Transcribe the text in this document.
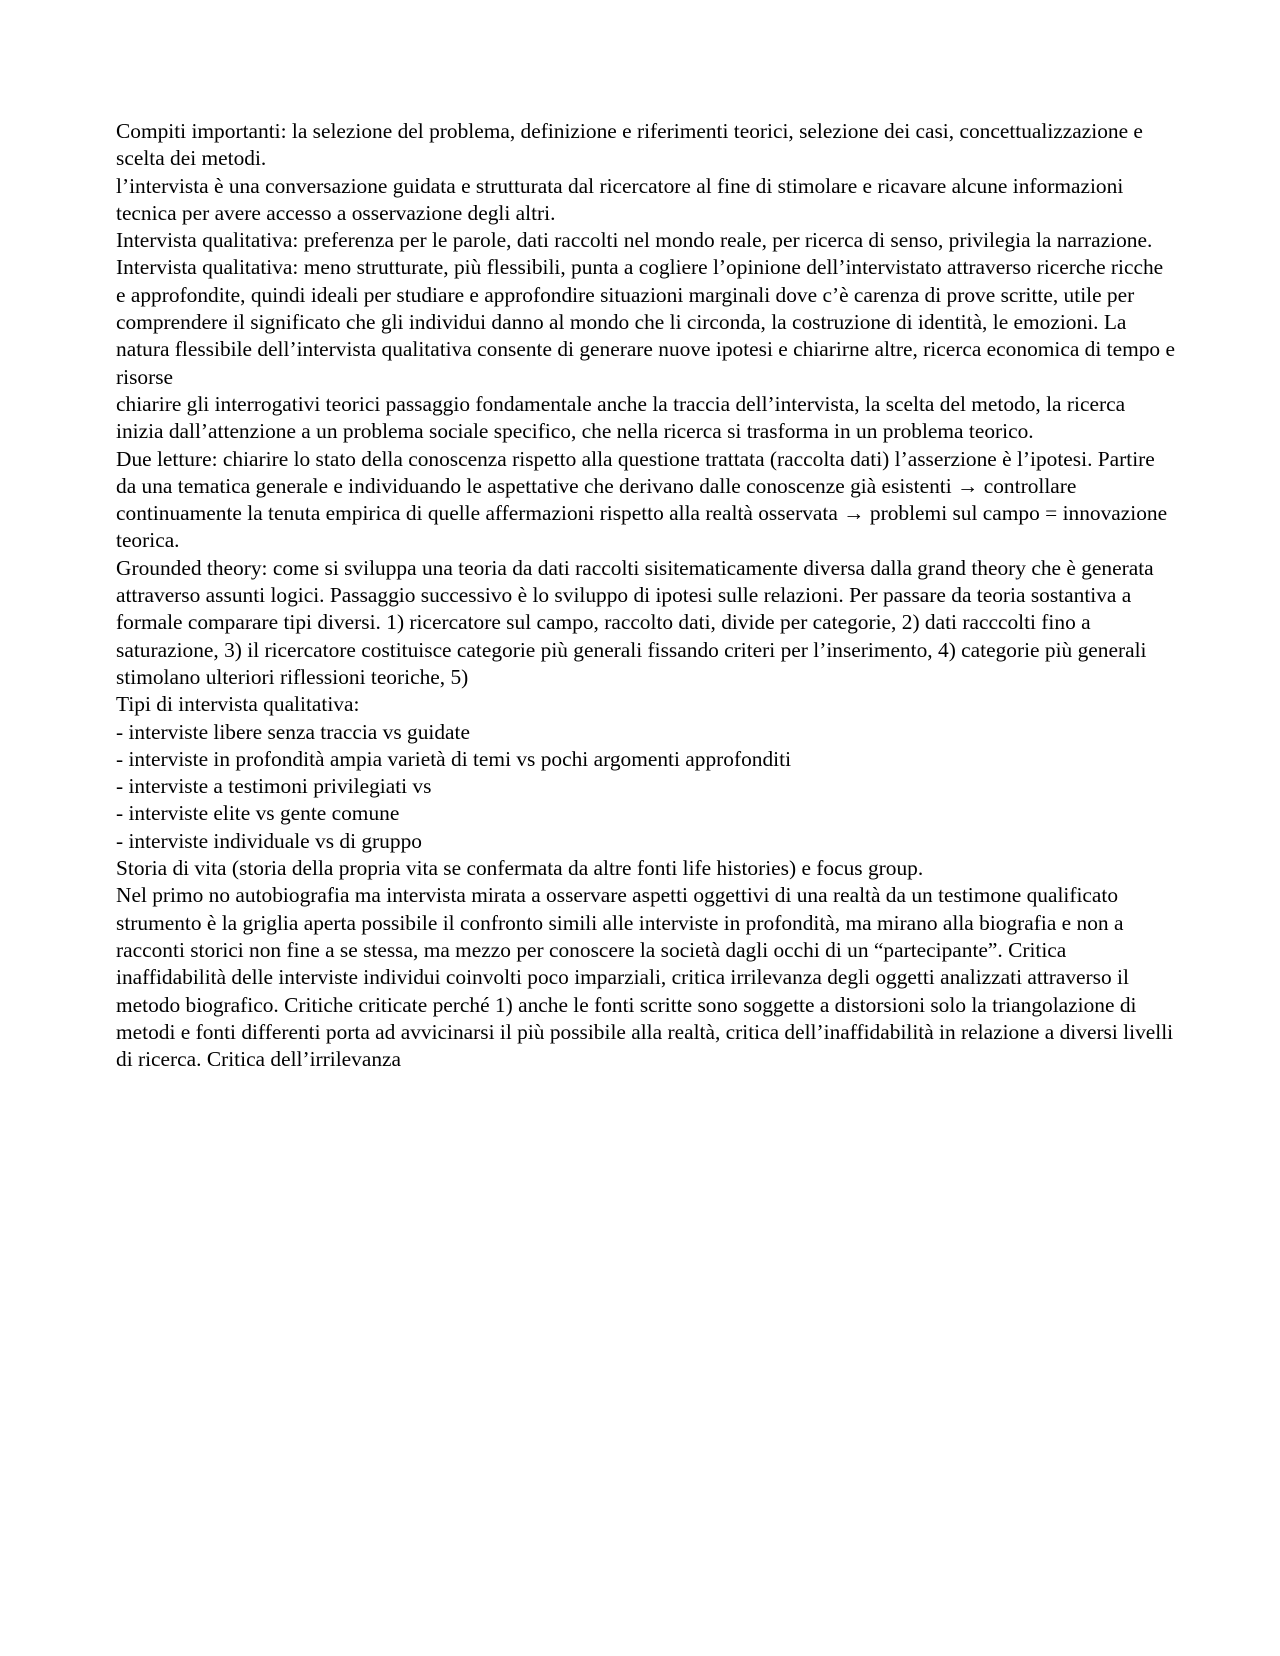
Compiti importanti: la selezione del problema, definizione e riferimenti teorici, selezione dei casi, concettualizzazione e scelta dei metodi.

l’intervista è una conversazione guidata e strutturata dal ricercatore al fine di stimolare e ricavare alcune informazioni tecnica per avere accesso a osservazione degli altri.

Intervista qualitativa: preferenza per le parole, dati raccolti nel mondo reale, per ricerca di senso, privilegia la narrazione. Intervista qualitativa: meno strutturate, più flessibili, punta a cogliere l’opinione dell’intervistato attraverso ricerche ricche e approfondite, quindi ideali per studiare e approfondire situazioni marginali dove c’è carenza di prove scritte, utile per comprendere il significato che gli individui danno al mondo che li circonda, la costruzione di identità, le emozioni. La natura flessibile dell’intervista qualitativa consente di generare nuove ipotesi e chiarirne altre, ricerca economica di tempo e risorse

chiarire gli interrogativi teorici passaggio fondamentale anche la traccia dell’intervista, la scelta del metodo, la ricerca inizia dall’attenzione a un problema sociale specifico, che nella ricerca si trasforma in un problema teorico.

Due letture: chiarire lo stato della conoscenza rispetto alla questione trattata (raccolta dati) l’asserzione è l’ipotesi. Partire da una tematica generale e individuando le aspettative che derivano dalle conoscenze già esistenti → controllare continuamente la tenuta empirica di quelle affermazioni rispetto alla realtà osservata → problemi sul campo = innovazione teorica.

Grounded theory: come si sviluppa una teoria da dati raccolti sisitematicamente diversa dalla grand theory che è generata attraverso assunti logici. Passaggio successivo è lo sviluppo di ipotesi sulle relazioni. Per passare da teoria sostantiva a formale comparare tipi diversi. 1) ricercatore sul campo, raccolto dati, divide per categorie, 2) dati racccolti fino a saturazione, 3) il ricercatore costituisce categorie più generali fissando criteri per l’inserimento, 4) categorie più generali stimolano ulteriori riflessioni teoriche, 5)

Tipi di intervista qualitativa:

- interviste libere senza traccia vs guidate

- interviste in profondità ampia varietà di temi vs pochi argomenti approfonditi

- interviste a testimoni privilegiati vs

- interviste elite vs gente comune

- interviste individuale vs di gruppo

Storia di vita (storia della propria vita se confermata da altre fonti life histories) e focus group.

Nel primo no autobiografia ma intervista mirata a osservare aspetti oggettivi di una realtà da un testimone qualificato strumento è la griglia aperta possibile il confronto simili alle interviste in profondità, ma mirano alla biografia e non a racconti storici non fine a se stessa, ma mezzo per conoscere la società dagli occhi di un “partecipante”. Critica inaffidabilità delle interviste individui coinvolti poco imparziali, critica irrilevanza degli oggetti analizzati attraverso il metodo biografico. Critiche criticate perché 1) anche le fonti scritte sono soggette a distorsioni solo la triangolazione di metodi e fonti differenti porta ad avvicinarsi il più possibile alla realtà, critica dell’inaffidabilità in relazione a diversi livelli di ricerca. Critica dell’irrilevanza
